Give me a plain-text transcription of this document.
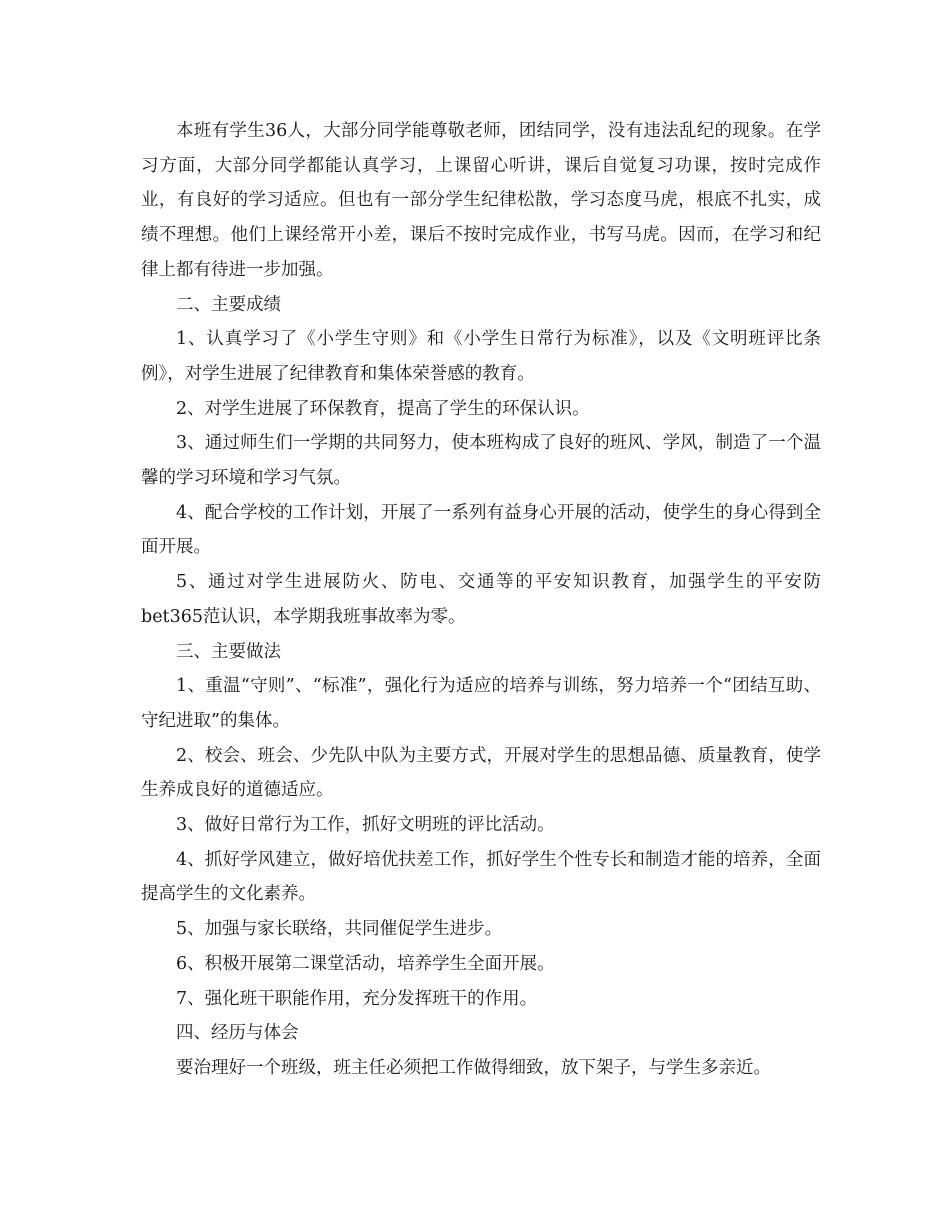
本班有学生36人，大部分同学能尊敬老师，团结同学，没有违法乱纪的现象。在学习方面，大部分同学都能认真学习，上课留心听讲，课后自觉复习功课，按时完成作业，有良好的学习适应。但也有一部分学生纪律松散，学习态度马虎，根底不扎实，成绩不理想。他们上课经常开小差，课后不按时完成作业，书写马虎。因而，在学习和纪律上都有待进一步加强。

二、主要成绩

1、认真学习了《小学生守则》和《小学生日常行为标准》，以及《文明班评比条例》，对学生进展了纪律教育和集体荣誉感的教育。

2、对学生进展了环保教育，提高了学生的环保认识。

3、通过师生们一学期的共同努力，使本班构成了良好的班风、学风，制造了一个温馨的学习环境和学习气氛。

4、配合学校的工作计划，开展了一系列有益身心开展的活动，使学生的身心得到全面开展。

5、通过对学生进展防火、防电、交通等的平安知识教育，加强学生的平安防bet365范认识，本学期我班事故率为零。

三、主要做法

1、重温“守则”、“标准”，强化行为适应的培养与训练，努力培养一个“团结互助、守纪进取”的集体。

2、校会、班会、少先队中队为主要方式，开展对学生的思想品德、质量教育，使学生养成良好的道德适应。

3、做好日常行为工作，抓好文明班的评比活动。

4、抓好学风建立，做好培优扶差工作，抓好学生个性专长和制造才能的培养，全面提高学生的文化素养。

5、加强与家长联络，共同催促学生进步。

6、积极开展第二课堂活动，培养学生全面开展。

7、强化班干职能作用，充分发挥班干的作用。

四、经历与体会

要治理好一个班级，班主任必须把工作做得细致，放下架子，与学生多亲近。
